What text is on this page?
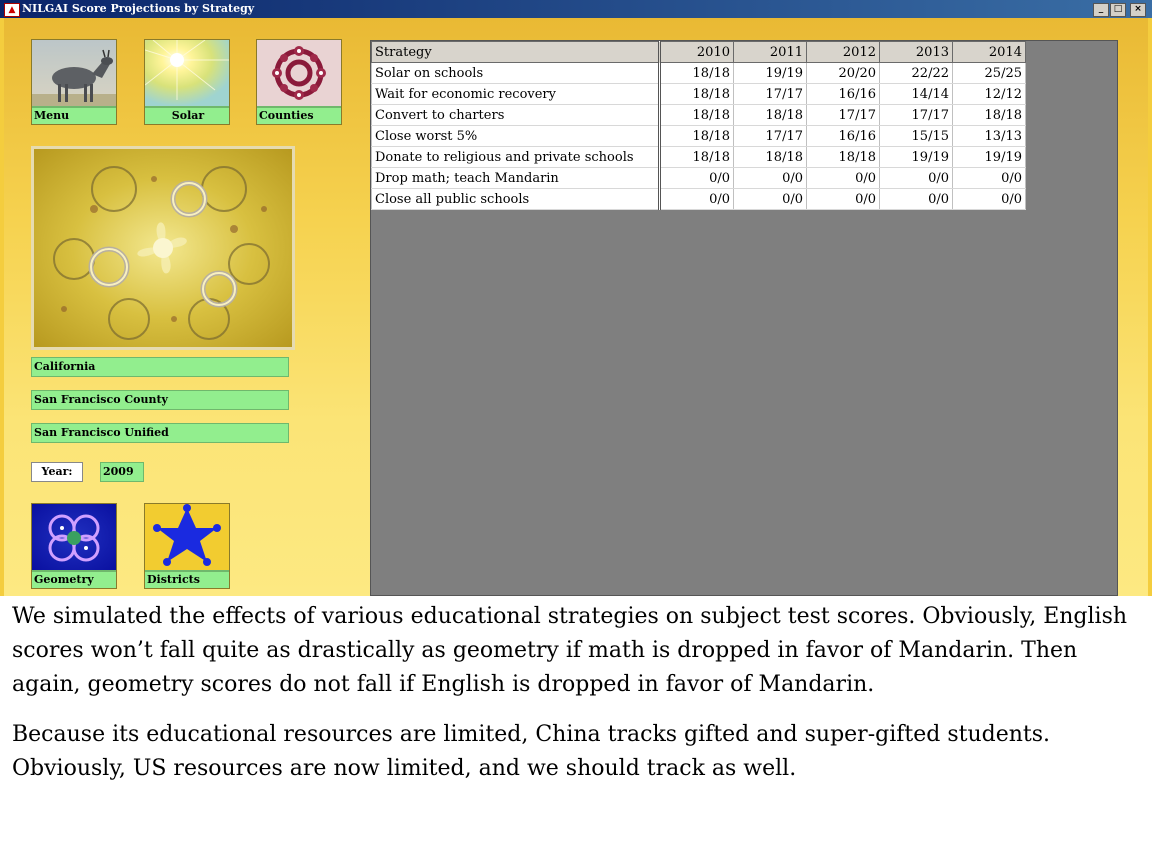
▲ NILGAI Score Projections by Strategy	_	□	×
Menu	Solar	Counties
California
San Francisco County
San Francisco Unified
Year:	2009
Geometry	Districts
Strategy	2010	2011	2012	2013	2014
Solar on schools	18/18	19/19	20/20	22/22	25/25
Wait for economic recovery	18/18	17/17	16/16	14/14	12/12
Convert to charters	18/18	18/18	17/17	17/17	18/18
Close worst 5%	18/18	17/17	16/16	15/15	13/13
Donate to religious and private schools	18/18	18/18	18/18	19/19	19/19
Drop math; teach Mandarin	0/0	0/0	0/0	0/0	0/0
Close all public schools	0/0	0/0	0/0	0/0	0/0

We simulated the effects of various educational strategies on subject test scores. Obviously, English scores won’t fall quite as drastically as geometry if math is dropped in favor of Mandarin. Then again, geometry scores do not fall if English is dropped in favor of Mandarin.

Because its educational resources are limited, China tracks gifted and super-gifted students. Obviously, US resources are now limited, and we should track as well.
